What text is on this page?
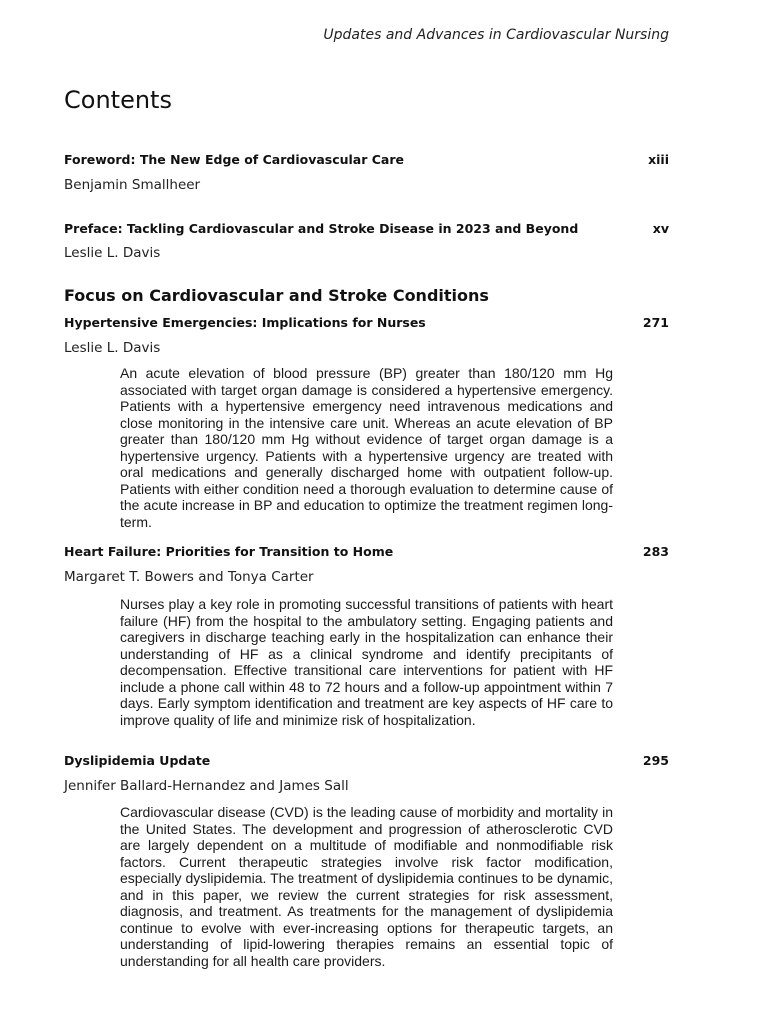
Updates and Advances in Cardiovascular Nursing
Contents
Foreword: The New Edge of Cardiovascular Care	xiii
Benjamin Smallheer
Preface: Tackling Cardiovascular and Stroke Disease in 2023 and Beyond	xv
Leslie L. Davis
Focus on Cardiovascular and Stroke Conditions
Hypertensive Emergencies: Implications for Nurses	271
Leslie L. Davis

An acute elevation of blood pressure (BP) greater than 180/120 mm Hg associated with target organ damage is considered a hypertensive emergency. Patients with a hypertensive emergency need intravenous medications and close monitoring in the intensive care unit. Whereas an acute elevation of BP greater than 180/120 mm Hg without evidence of target organ damage is a hypertensive urgency. Patients with a hypertensive urgency are treated with oral medications and generally discharged home with outpatient follow-up. Patients with either condition need a thorough evaluation to determine cause of the acute increase in BP and education to optimize the treatment regimen long-term.

Heart Failure: Priorities for Transition to Home	283
Margaret T. Bowers and Tonya Carter

Nurses play a key role in promoting successful transitions of patients with heart failure (HF) from the hospital to the ambulatory setting. Engaging patients and caregivers in discharge teaching early in the hospitalization can enhance their understanding of HF as a clinical syndrome and identify precipitants of decompensation. Effective transitional care interventions for patient with HF include a phone call within 48 to 72 hours and a follow-up appointment within 7 days. Early symptom identification and treatment are key aspects of HF care to improve quality of life and minimize risk of hospitalization.

Dyslipidemia Update	295
Jennifer Ballard-Hernandez and James Sall

Cardiovascular disease (CVD) is the leading cause of morbidity and mortality in the United States. The development and progression of atherosclerotic CVD are largely dependent on a multitude of modifiable and nonmodifiable risk factors. Current therapeutic strategies involve risk factor modification, especially dyslipidemia. The treatment of dyslipidemia continues to be dynamic, and in this paper, we review the current strategies for risk assessment, diagnosis, and treatment. As treatments for the management of dyslipidemia continue to evolve with ever-increasing options for therapeutic targets, an understanding of lipid-lowering therapies remains an essential topic of understanding for all health care providers.
